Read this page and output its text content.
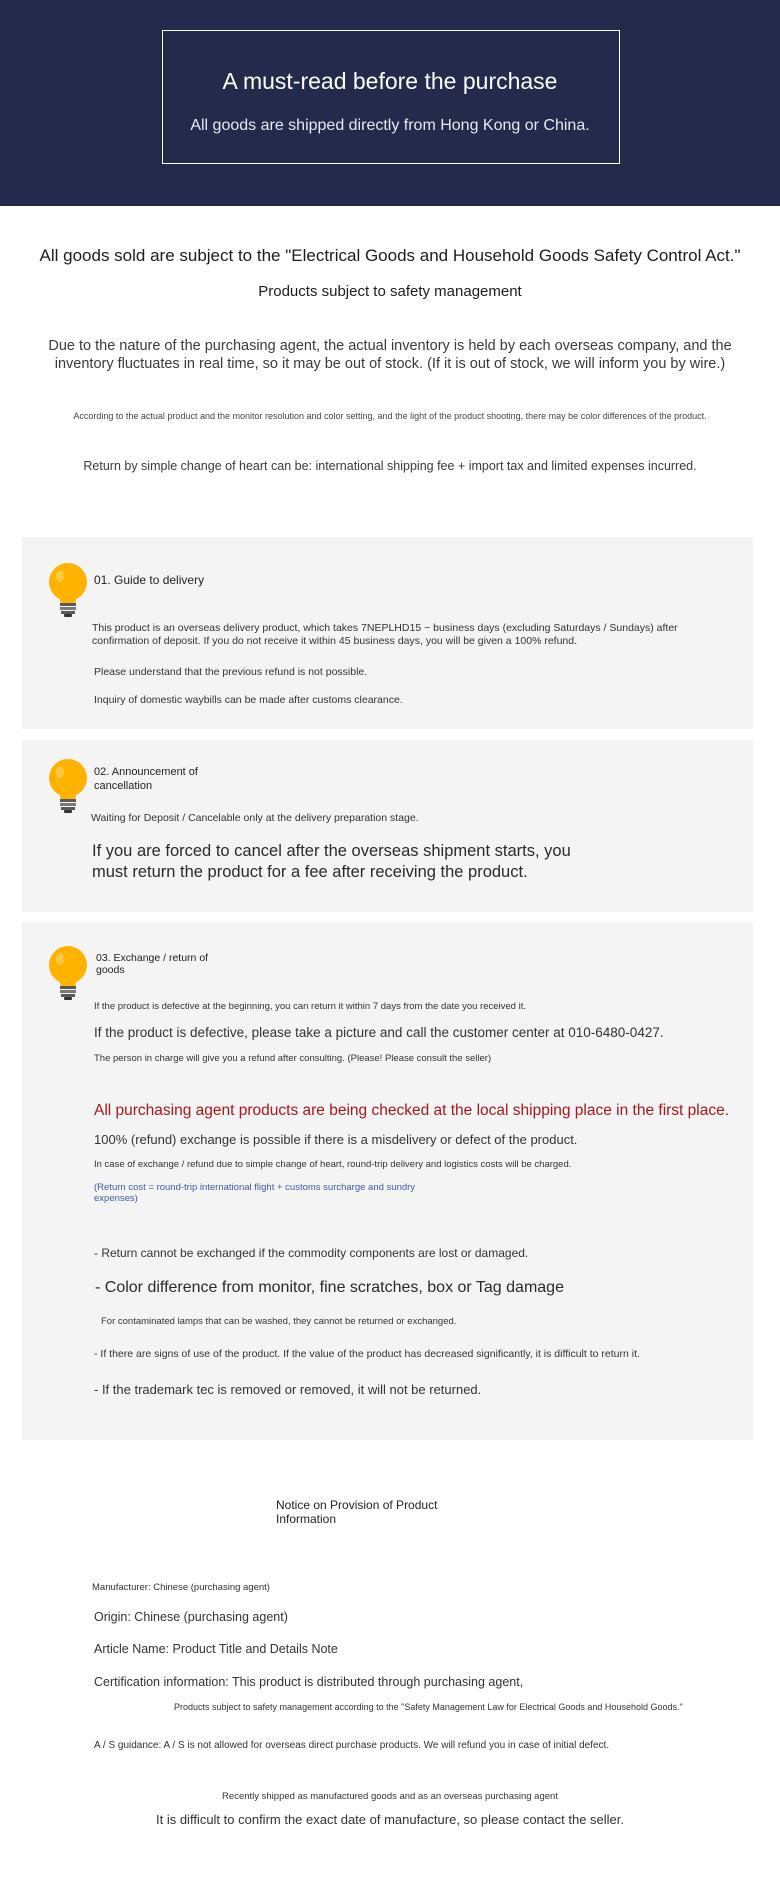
A must-read before the purchase
All goods are shipped directly from Hong Kong or China.
All goods sold are subject to the "Electrical Goods and Household Goods Safety Control Act."
Products subject to safety management
Due to the nature of the purchasing agent, the actual inventory is held by each overseas company, and the inventory fluctuates in real time, so it may be out of stock. (If it is out of stock, we will inform you by wire.)
According to the actual product and the monitor resolution and color setting, and the light of the product shooting, there may be color differences of the product.
Return by simple change of heart can be: international shipping fee + import tax and limited expenses incurred.
01. Guide to delivery
This product is an overseas delivery product, which takes 7NEPLHD15 ~ business days (excluding Saturdays / Sundays) after confirmation of deposit. If you do not receive it within 45 business days, you will be given a 100% refund.
Please understand that the previous refund is not possible.
Inquiry of domestic waybills can be made after customs clearance.
02. Announcement of cancellation
Waiting for Deposit / Cancelable only at the delivery preparation stage.
If you are forced to cancel after the overseas shipment starts, you must return the product for a fee after receiving the product.
03. Exchange / return of goods
If the product is defective at the beginning, you can return it within 7 days from the date you received it.
If the product is defective, please take a picture and call the customer center at 010-6480-0427.
The person in charge will give you a refund after consulting. (Please! Please consult the seller)
All purchasing agent products are being checked at the local shipping place in the first place.
100% (refund) exchange is possible if there is a misdelivery or defect of the product.
In case of exchange / refund due to simple change of heart, round-trip delivery and logistics costs will be charged.
(Return cost = round-trip international flight + customs surcharge and sundry expenses)
- Return cannot be exchanged if the commodity components are lost or damaged.
- Color difference from monitor, fine scratches, box or Tag damage
For contaminated lamps that can be washed, they cannot be returned or exchanged.
- If there are signs of use of the product. If the value of the product has decreased significantly, it is difficult to return it.
- If the trademark tec is removed or removed, it will not be returned.
Notice on Provision of Product Information
Manufacturer: Chinese (purchasing agent)
Origin: Chinese (purchasing agent)
Article Name: Product Title and Details Note
Certification information: This product is distributed through purchasing agent,
Products subject to safety management according to the "Safety Management Law for Electrical Goods and Household Goods."
A / S guidance: A / S is not allowed for overseas direct purchase products. We will refund you in case of initial defect.
Recently shipped as manufactured goods and as an overseas purchasing agent
It is difficult to confirm the exact date of manufacture, so please contact the seller.
